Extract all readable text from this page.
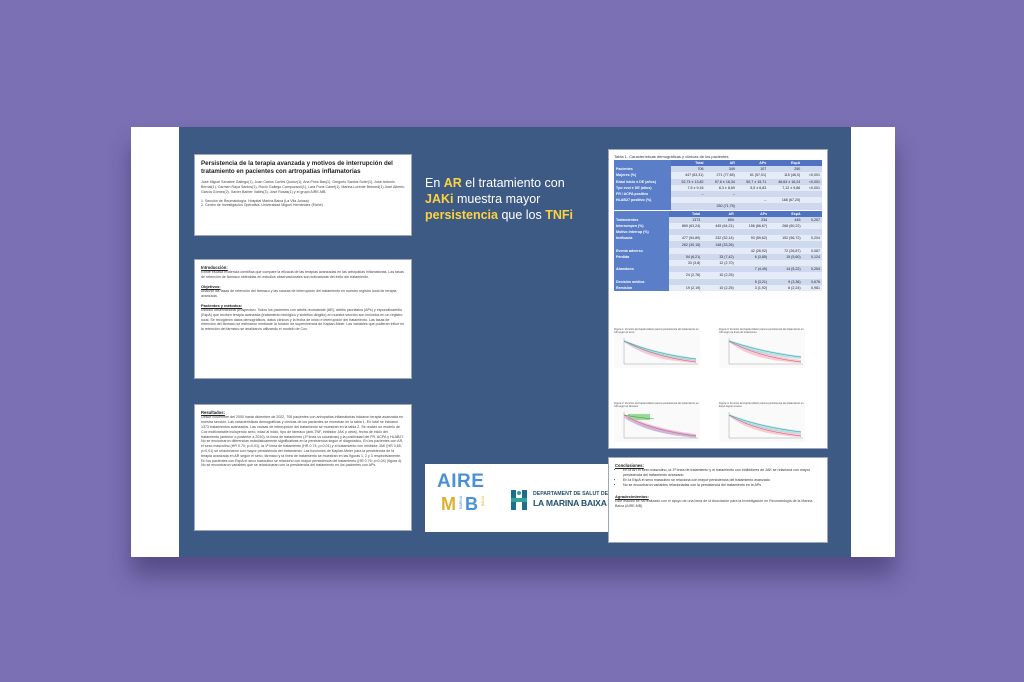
Persistencia de la terapia avanzada y motivos de interrupción del tratamiento en pacientes con artropatías inflamatorias

José Miguel Senabre Gallego(1), Juan Carlos Cortés Quiroz(1), Ana Pons Bas(1), Gregorio Santos Soler(1), José Antonio Bernal(1), Carmen Raya Santos(1), Rocío Gallego Campuzano(1), Lara Pons Canet(1), Marina Lorente Betored(1) José Alberto García Gómez(2), Xavier Barber Vallés(3), José Rosas(1) y el grupo AIRE-MB.

1. Sección de Reumatología. Hospital Marina Baixa (La Vila Joiosa)

2. Centro de Investigación Operativa. Universidad Miguel Hernández (Elche)

Introducción:

Existe escasa evidencia científica que compare la eficacia de las terapias avanzadas en las artropatías inflamatorias. Las tasas de retención de fármaco obtenidas en estudios observacionales son indicadoras del éxito del tratamiento.

Objetivos:

Analizar las tasas de retención del fármaco y las causas de interrupción del tratamiento en nuestro registro local de terapia avanzada.

Pacientes y métodos:

Estudio observacional prospectivo. Todos los pacientes con artritis reumatoide (AR), artritis psoriásica (APs) y espondiloartritis (EspA) que reciben terapia avanzada (tratamiento biológico y sintético dirigido) en nuestra sección son incluidos en un registro local. Se recogieron datos demográficos, datos clínicos y la fecha de inicio e interrupción del tratamiento. Las tasas de retención del fármaco se estimaron mediante la función de supervivencia de Kaplan-Meier. Las variables que pudieran influir en la retención del fármaco se analizaron utilizando el modelo de Cox.

Resultados:

Desde noviembre del 2000 hasta diciembre de 2022, 706 pacientes con artropatías inflamatorias iniciaron terapia avanzada en nuestra sección. Las características demográficas y clínicas de los pacientes se muestran en la tabla 1. En total se iniciaron 1373 tratamientos avanzados. Las causas de interrupción del tratamiento se muestran en la tabla 2. Se realizó un modelo de Cox multivariable incluyendo sexo, edad al inicio, tipo de fármaco (anti-TNF, inhibidor JAK y otros), fecha de inicio del tratamiento (anterior o posterior a 2010), la línea de tratamiento (1ª línea vs sucesivas) y la positividad del FR, ACPA y HLAB27. No se encontraron diferencias estadísticamente significativas en la persistencia según el diagnóstico. En los pacientes con AR, el sexo masculino (HR 0.70; p=0,01), la 1ª línea de tratamiento (HR 0.74; p=0,01) y el tratamiento con inhibidor JAK (HR 0,65; p=0,01) se relacionaron con mayor persistencia del tratamiento. Las funciones de Kaplan-Meier para la persistencia de la terapia avanzada en AR según el sexo, fármaco y la línea de tratamiento se muestran en las figuras 1, 2 y 3 respectivamente. En los pacientes con EspA el sexo masculino se relacionó con mayor persistencia del tratamiento (HR 0.76; p=0,04) (figura 4). No se encontraron variables que se relacionaran con la persistencia del tratamiento en los pacientes con APs.

En AR el tratamiento con JAKi muestra mayor persistencia que los TNFi
AIRE
M MARINA B BAIXA
DEPARTAMENT DE SALUT DE
LA MARINA BAIXA

Tabla 1. Características demográficas y clínicas de los pacientes

	Total	AR	APs	EspA	
Pacientes	706	349	107	250	
Mujeres (%)	447 (63,31)	271 (77,65)	61 (57,01)	115 (46,0)	<0,001
Edad inicio ± DE (años)	52,74 ± 13,82	57,6 ± 16,34	50,7 ± 15,71	46,64 ± 16,24	<0,001
Tpo evol ± DE (años)	7,5 ± 9,16	8,3 ± 8,69	5,5 ± 6,83	7,12 ± 9,86	<0,001
FR / ACPA positivo	–	–			
HLAB27 positivo (%)			–	168 (67,20)	
		250 (71,75)			
	Total	AR	APs	EspA	
Tratamientos	1373	694	234	445	0,207
Interrumpen (%)	869 (63,24)	445 (64,21)	156 (66,67)	268 (60,22)	
Motivo interrup (%)					
Ineficacia	477 (54,89)	232 (52,14)	93 (59,62)	152 (56,72)	0,204
	262 (30,15)	148 (33,26)			
Evento adverso			42 (26,92)	72 (26,87)	0,087
Pérdida	54 (6,21)	33 (7,42)	6 (3,85)	15 (5,60)	0,124
	33 (3,8)	12 (2,70)			
Abandono			7 (4,49)	14 (5,22)	0,254
	24 (2,76)	10 (2,25)			
Decisión médica			5 (3,21)	9 (3,36)	0,676
Remisión	19 (2,19)	10 (2,25)	3 (1,92)	6 (2,24)	0,981
Figura 1. Función de Kaplan-Meier para la persistencia del tratamiento en AR según el sexo
Figura 3. Función de Kaplan-Meier para la persistencia del tratamiento en AR según la línea de tratamiento
Figura 2. Función de Kaplan-Meier para la persistencia del tratamiento en AR según el fármaco
Figura 4. Función de Kaplan-Meier para la persistencia del tratamiento en EspA según el sexo

Conclusiones:

• En la AR el sexo masculino, la 1ª línea de tratamiento y el tratamiento con inhibidores de JAK se relaciona con mayor persistencia del tratamiento avanzado
• En la EspA el sexo masculino se relaciona con mayor persistencia del tratamiento avanzado
• No se encontraron variables relacionadas con la persistencia del tratamiento en la APs

Agradecimientos:

Este estudio se ha realizado con el apoyo de una beca de la Asociación para la Investigación en Reumatología de la Marina Baixa (AIRE-MB)
